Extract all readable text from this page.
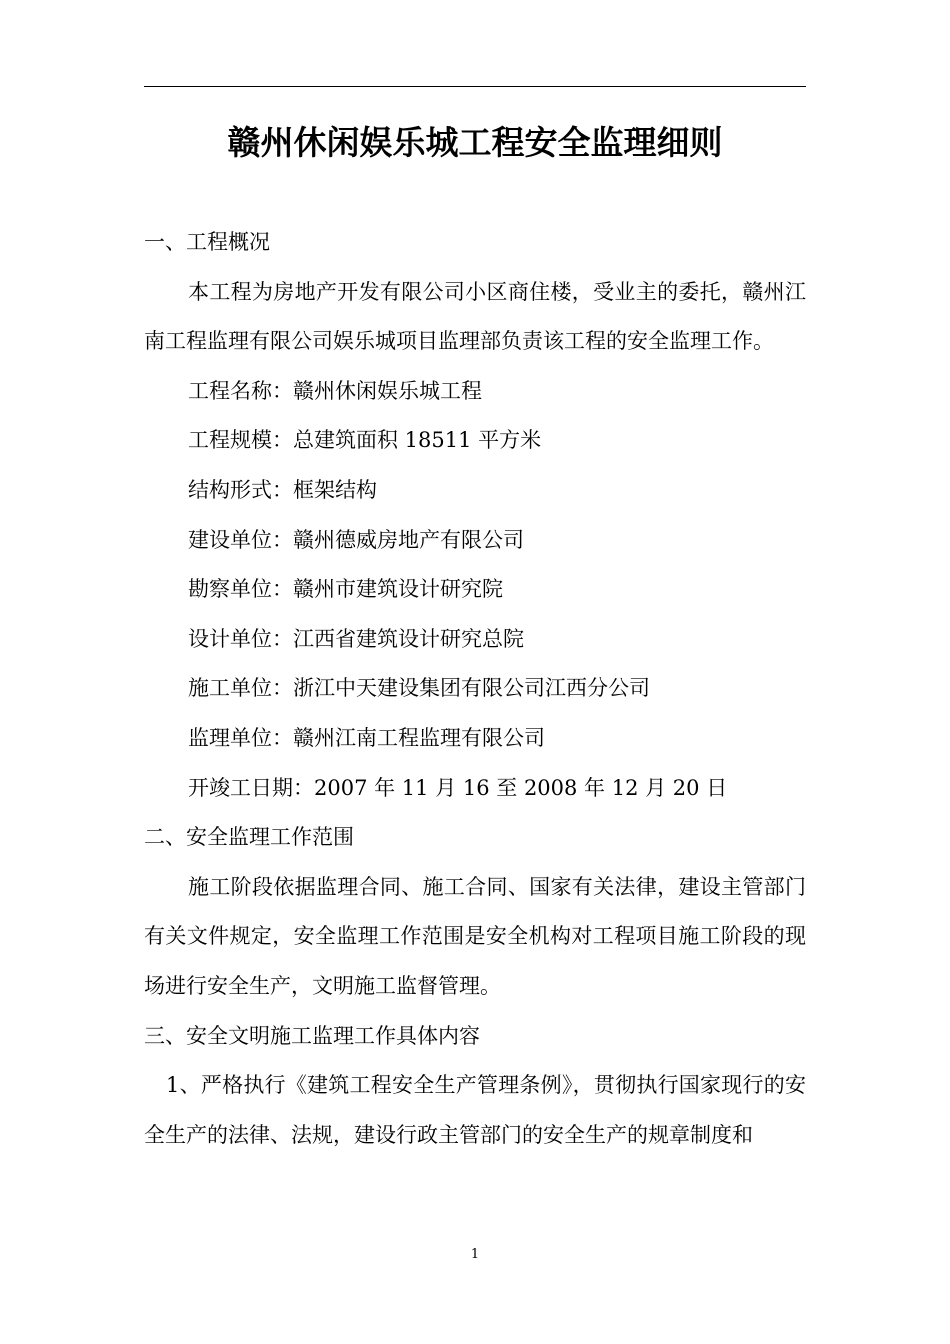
赣州休闲娱乐城工程安全监理细则

一、工程概况

本工程为房地产开发有限公司小区商住楼，受业主的委托，赣州江南工程监理有限公司娱乐城项目监理部负责该工程的安全监理工作。

工程名称：赣州休闲娱乐城工程

工程规模：总建筑面积 18511 平方米

结构形式：框架结构

建设单位：赣州德威房地产有限公司

勘察单位：赣州市建筑设计研究院

设计单位：江西省建筑设计研究总院

施工单位：浙江中天建设集团有限公司江西分公司

监理单位：赣州江南工程监理有限公司

开竣工日期：2007 年 11 月 16 至 2008 年 12 月 20 日

二、安全监理工作范围

施工阶段依据监理合同、施工合同、国家有关法律，建设主管部门有关文件规定，安全监理工作范围是安全机构对工程项目施工阶段的现场进行安全生产，文明施工监督管理。

三、安全文明施工监理工作具体内容

1、严格执行《建筑工程安全生产管理条例》，贯彻执行国家现行的安全生产的法律、法规，建设行政主管部门的安全生产的规章制度和

1
